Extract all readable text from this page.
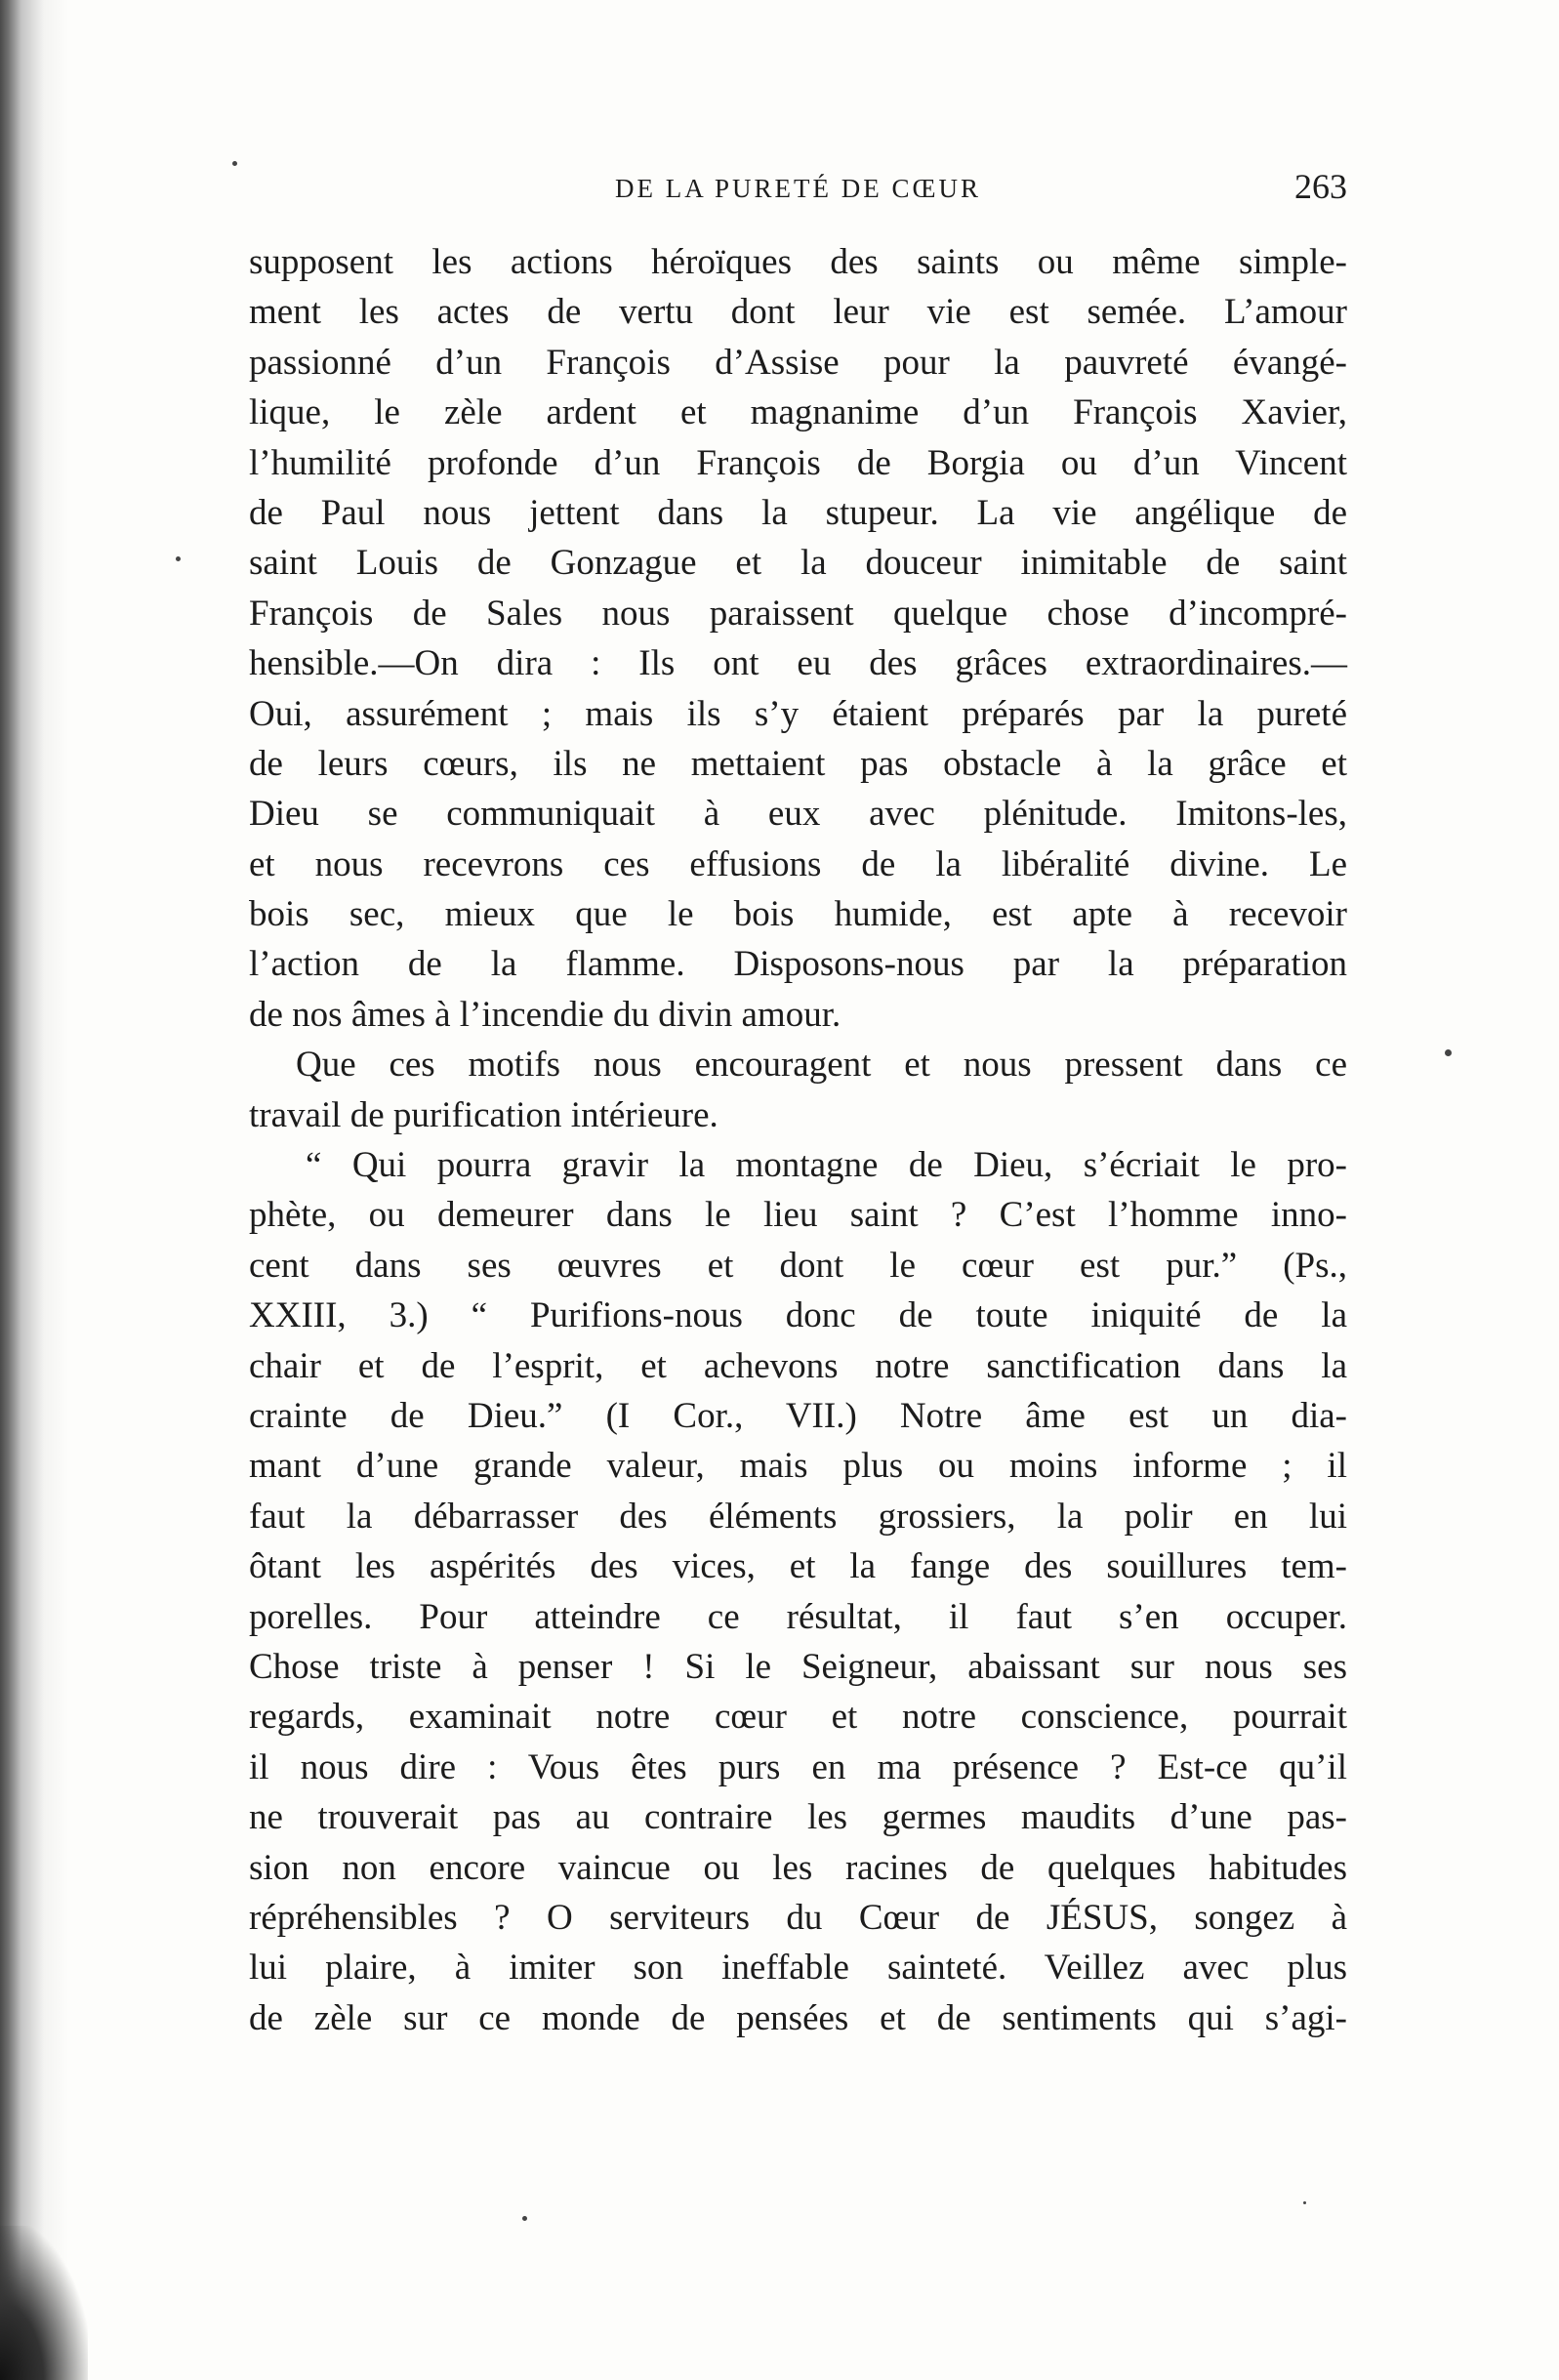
DE LA PURETÉ DE CŒUR	263
supposent les actions héroïques des saints ou même simple-
ment les actes de vertu dont leur vie est semée. L’amour
passionné d’un François d’Assise pour la pauvreté évangé-
lique, le zèle ardent et magnanime d’un François Xavier,
l’humilité profonde d’un François de Borgia ou d’un Vincent
de Paul nous jettent dans la stupeur. La vie angélique de
saint Louis de Gonzague et la douceur inimitable de saint
François de Sales nous paraissent quelque chose d’incompré-
hensible.—On dira : Ils ont eu des grâces extraordinaires.—
Oui, assurément ; mais ils s’y étaient préparés par la pureté
de leurs cœurs, ils ne mettaient pas obstacle à la grâce et
Dieu se communiquait à eux avec plénitude. Imitons-les,
et nous recevrons ces effusions de la libéralité divine. Le
bois sec, mieux que le bois humide, est apte à recevoir
l’action de la flamme. Disposons-nous par la préparation
de nos âmes à l’incendie du divin amour.
Que ces motifs nous encouragent et nous pressent dans ce
travail de purification intérieure.
“ Qui pourra gravir la montagne de Dieu, s’écriait le pro-
phète, ou demeurer dans le lieu saint ? C’est l’homme inno-
cent dans ses œuvres et dont le cœur est pur.” (Ps.,
XXIII, 3.) “ Purifions-nous donc de toute iniquité de la
chair et de l’esprit, et achevons notre sanctification dans la
crainte de Dieu.” (I Cor., VII.) Notre âme est un dia-
mant d’une grande valeur, mais plus ou moins informe ; il
faut la débarrasser des éléments grossiers, la polir en lui
ôtant les aspérités des vices, et la fange des souillures tem-
porelles. Pour atteindre ce résultat, il faut s’en occuper.
Chose triste à penser ! Si le Seigneur, abaissant sur nous ses
regards, examinait notre cœur et notre conscience, pourrait
il nous dire : Vous êtes purs en ma présence ? Est-ce qu’il
ne trouverait pas au contraire les germes maudits d’une pas-
sion non encore vaincue ou les racines de quelques habitudes
répréhensibles ? O serviteurs du Cœur de JÉSUS, songez à
lui plaire, à imiter son ineffable sainteté. Veillez avec plus
de zèle sur ce monde de pensées et de sentiments qui s’agi-
